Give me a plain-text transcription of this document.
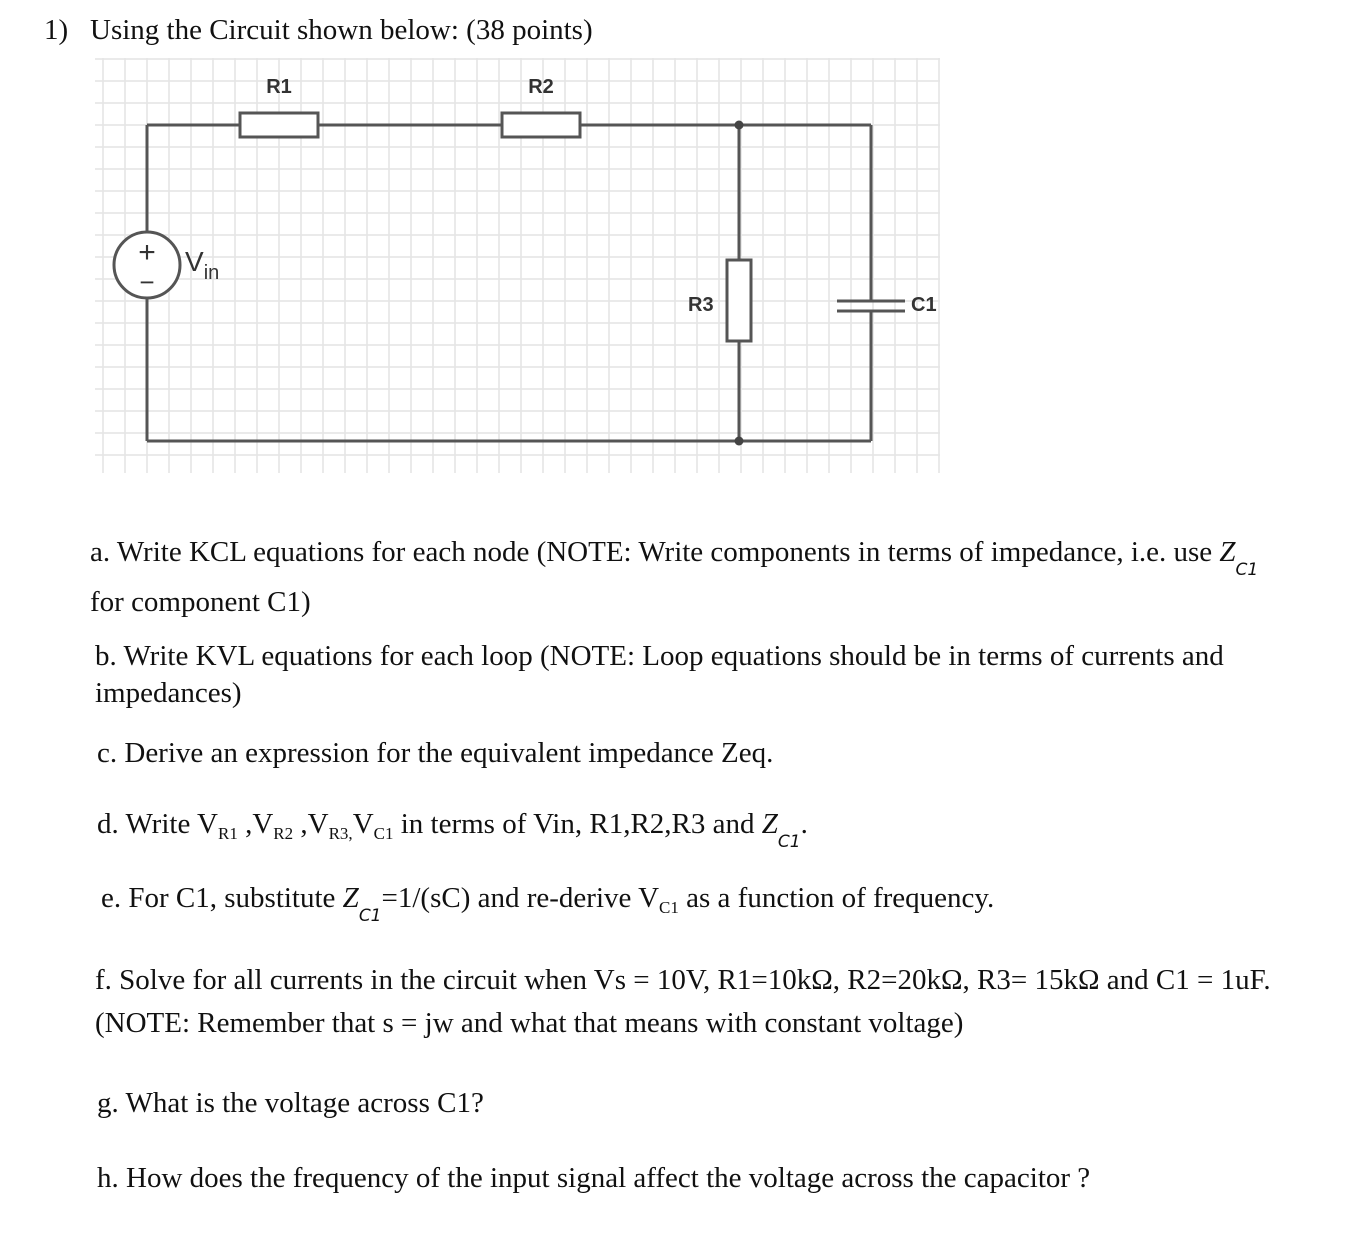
1) Using the Circuit shown below: (38 points)
+
−
R1	R2
R3	C1
$V_{in}$
a. Write KCL equations for each node (NOTE: Write components in terms of impedance, i.e. use $Z_{C1}$
for component C1)
b. Write KVL equations for each loop (NOTE: Loop equations should be in terms of currents and
impedances)
c. Derive an expression for the equivalent impedance Zeq.
d. Write $V_{R1}$ $,V_{R2}$ $,V_{R3,}V_{C1}$ in terms of Vin, R1,R2,R3 and $Z_{C1}$.
e. For C1, substitute $Z_{C1}=1/(sC)$ and re-derive $V_{C1}$ as a function of frequency.
f. Solve for all currents in the circuit when Vs = 10V, R1=10kΩ, R2=20kΩ, R3= 15kΩ and C1 = 1uF.
(NOTE: Remember that s = jw and what that means with constant voltage)
g. What is the voltage across C1?
h. How does the frequency of the input signal affect the voltage across the capacitor ?
